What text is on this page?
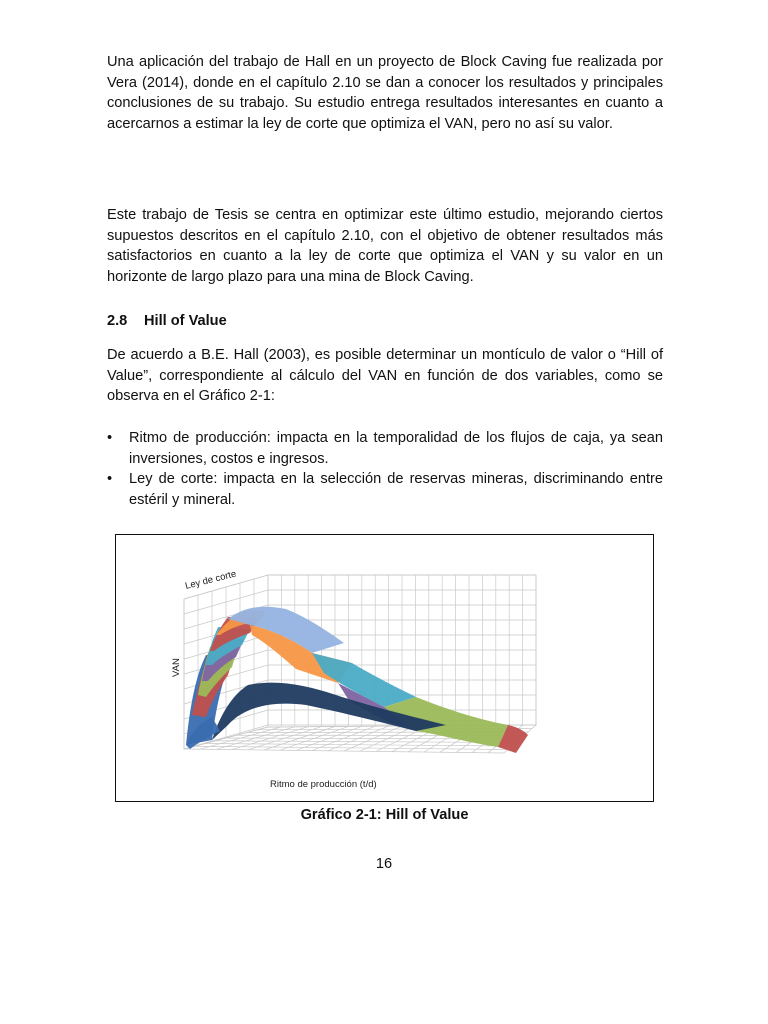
Una aplicación del trabajo de Hall en un proyecto de Block Caving fue realizada por Vera (2014), donde en el capítulo 2.10 se dan a conocer los resultados y principales conclusiones de su trabajo. Su estudio entrega resultados interesantes en cuanto a acercarnos a estimar la ley de corte que optimiza el VAN, pero no así su valor.

Este trabajo de Tesis se centra en optimizar este último estudio, mejorando ciertos supuestos descritos en el capítulo 2.10, con el objetivo de obtener resultados más satisfactorios en cuanto a la ley de corte que optimiza el VAN y su valor en un horizonte de largo plazo para una mina de Block Caving.

2.8 Hill of Value

De acuerdo a B.E. Hall (2003), es posible determinar un montículo de valor o “Hill of Value”, correspondiente al cálculo del VAN en función de dos variables, como se observa en el Gráfico 2-1:

• Ritmo de producción: impacta en la temporalidad de los flujos de caja, ya sean inversiones, costos e ingresos.
• Ley de corte: impacta en la selección de reservas mineras, discriminando entre estéril y mineral.
Ley de corte
VAN
Ritmo de producción (t/d)
Gráfico 2-1: Hill of Value
16
